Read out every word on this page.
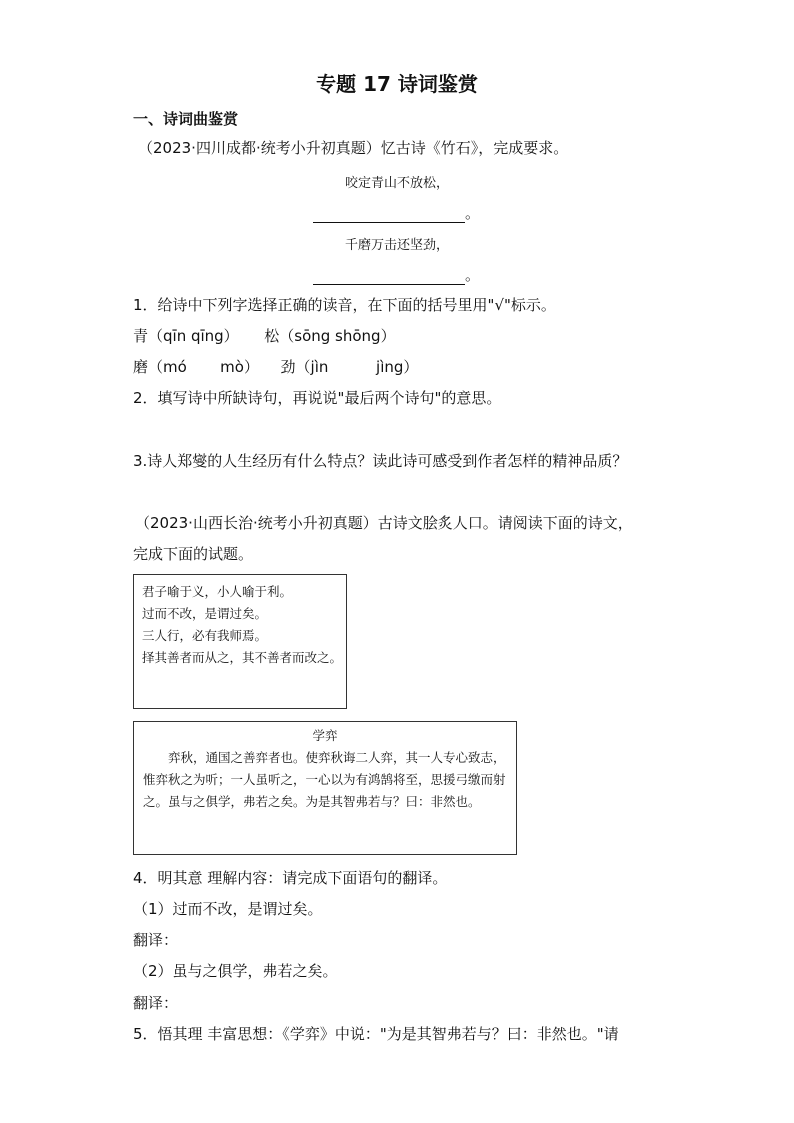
专题 17 诗词鉴赏
一、诗词曲鉴赏
（2023·四川成都·统考小升初真题）忆古诗《竹石》，完成要求。
咬定青山不放松，
。
千磨万击还坚劲，
。
1．给诗中下列字选择正确的读音，在下面的括号里用"√"标示。
青（qīn qīng） 松（sōng shōng）
磨（mó       mò） 劲（jìn          jìng）
2．填写诗中所缺诗句，再说说"最后两个诗句"的意思。
3.诗人郑燮的人生经历有什么特点？读此诗可感受到作者怎样的精神品质？
（2023·山西长治·统考小升初真题）古诗文脍炙人口。请阅读下面的诗文，
完成下面的试题。
君子喻于义，小人喻于利。
过而不改，是谓过矣。
三人行，必有我师焉。
择其善者而从之，其不善者而改之。
学弈
弈秋，通国之善弈者也。使弈秋诲二人弈，其一人专心致志，惟弈秋之为听；一人虽听之，一心以为有鸿鹄将至，思援弓缴而射之。虽与之俱学，弗若之矣。为是其智弗若与？曰：非然也。
4．明其意 理解内容：请完成下面语句的翻译。
（1）过而不改，是谓过矣。
翻译：
（2）虽与之俱学，弗若之矣。
翻译：
5．悟其理 丰富思想：《学弈》中说："为是其智弗若与？曰：非然也。"请
